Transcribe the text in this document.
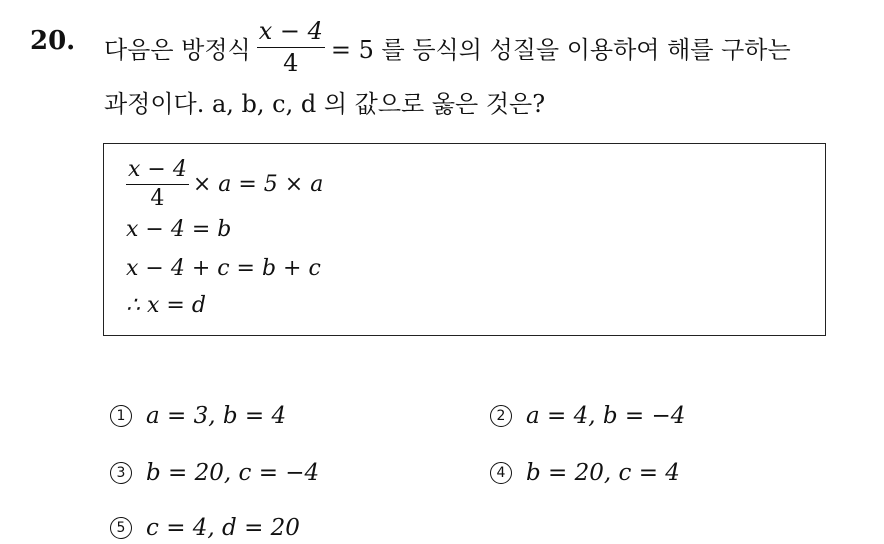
20. 다음은 방정식 $\frac{x - 4}{4} = 5$ 를 등식의 성질을 이용하여 해를 구하는
과정이다. a, b, c, d 의 값으로 옳은 것은?
$\frac{x - 4}{4} \times a = 5 \times a$
x − 4 = b
x − 4 + c = b + c
∴ x = d
1 a = 3, b = 4	2 a = 4, b = −4
3 b = 20, c = −4	4 b = 20, c = 4
5 c = 4, d = 20
